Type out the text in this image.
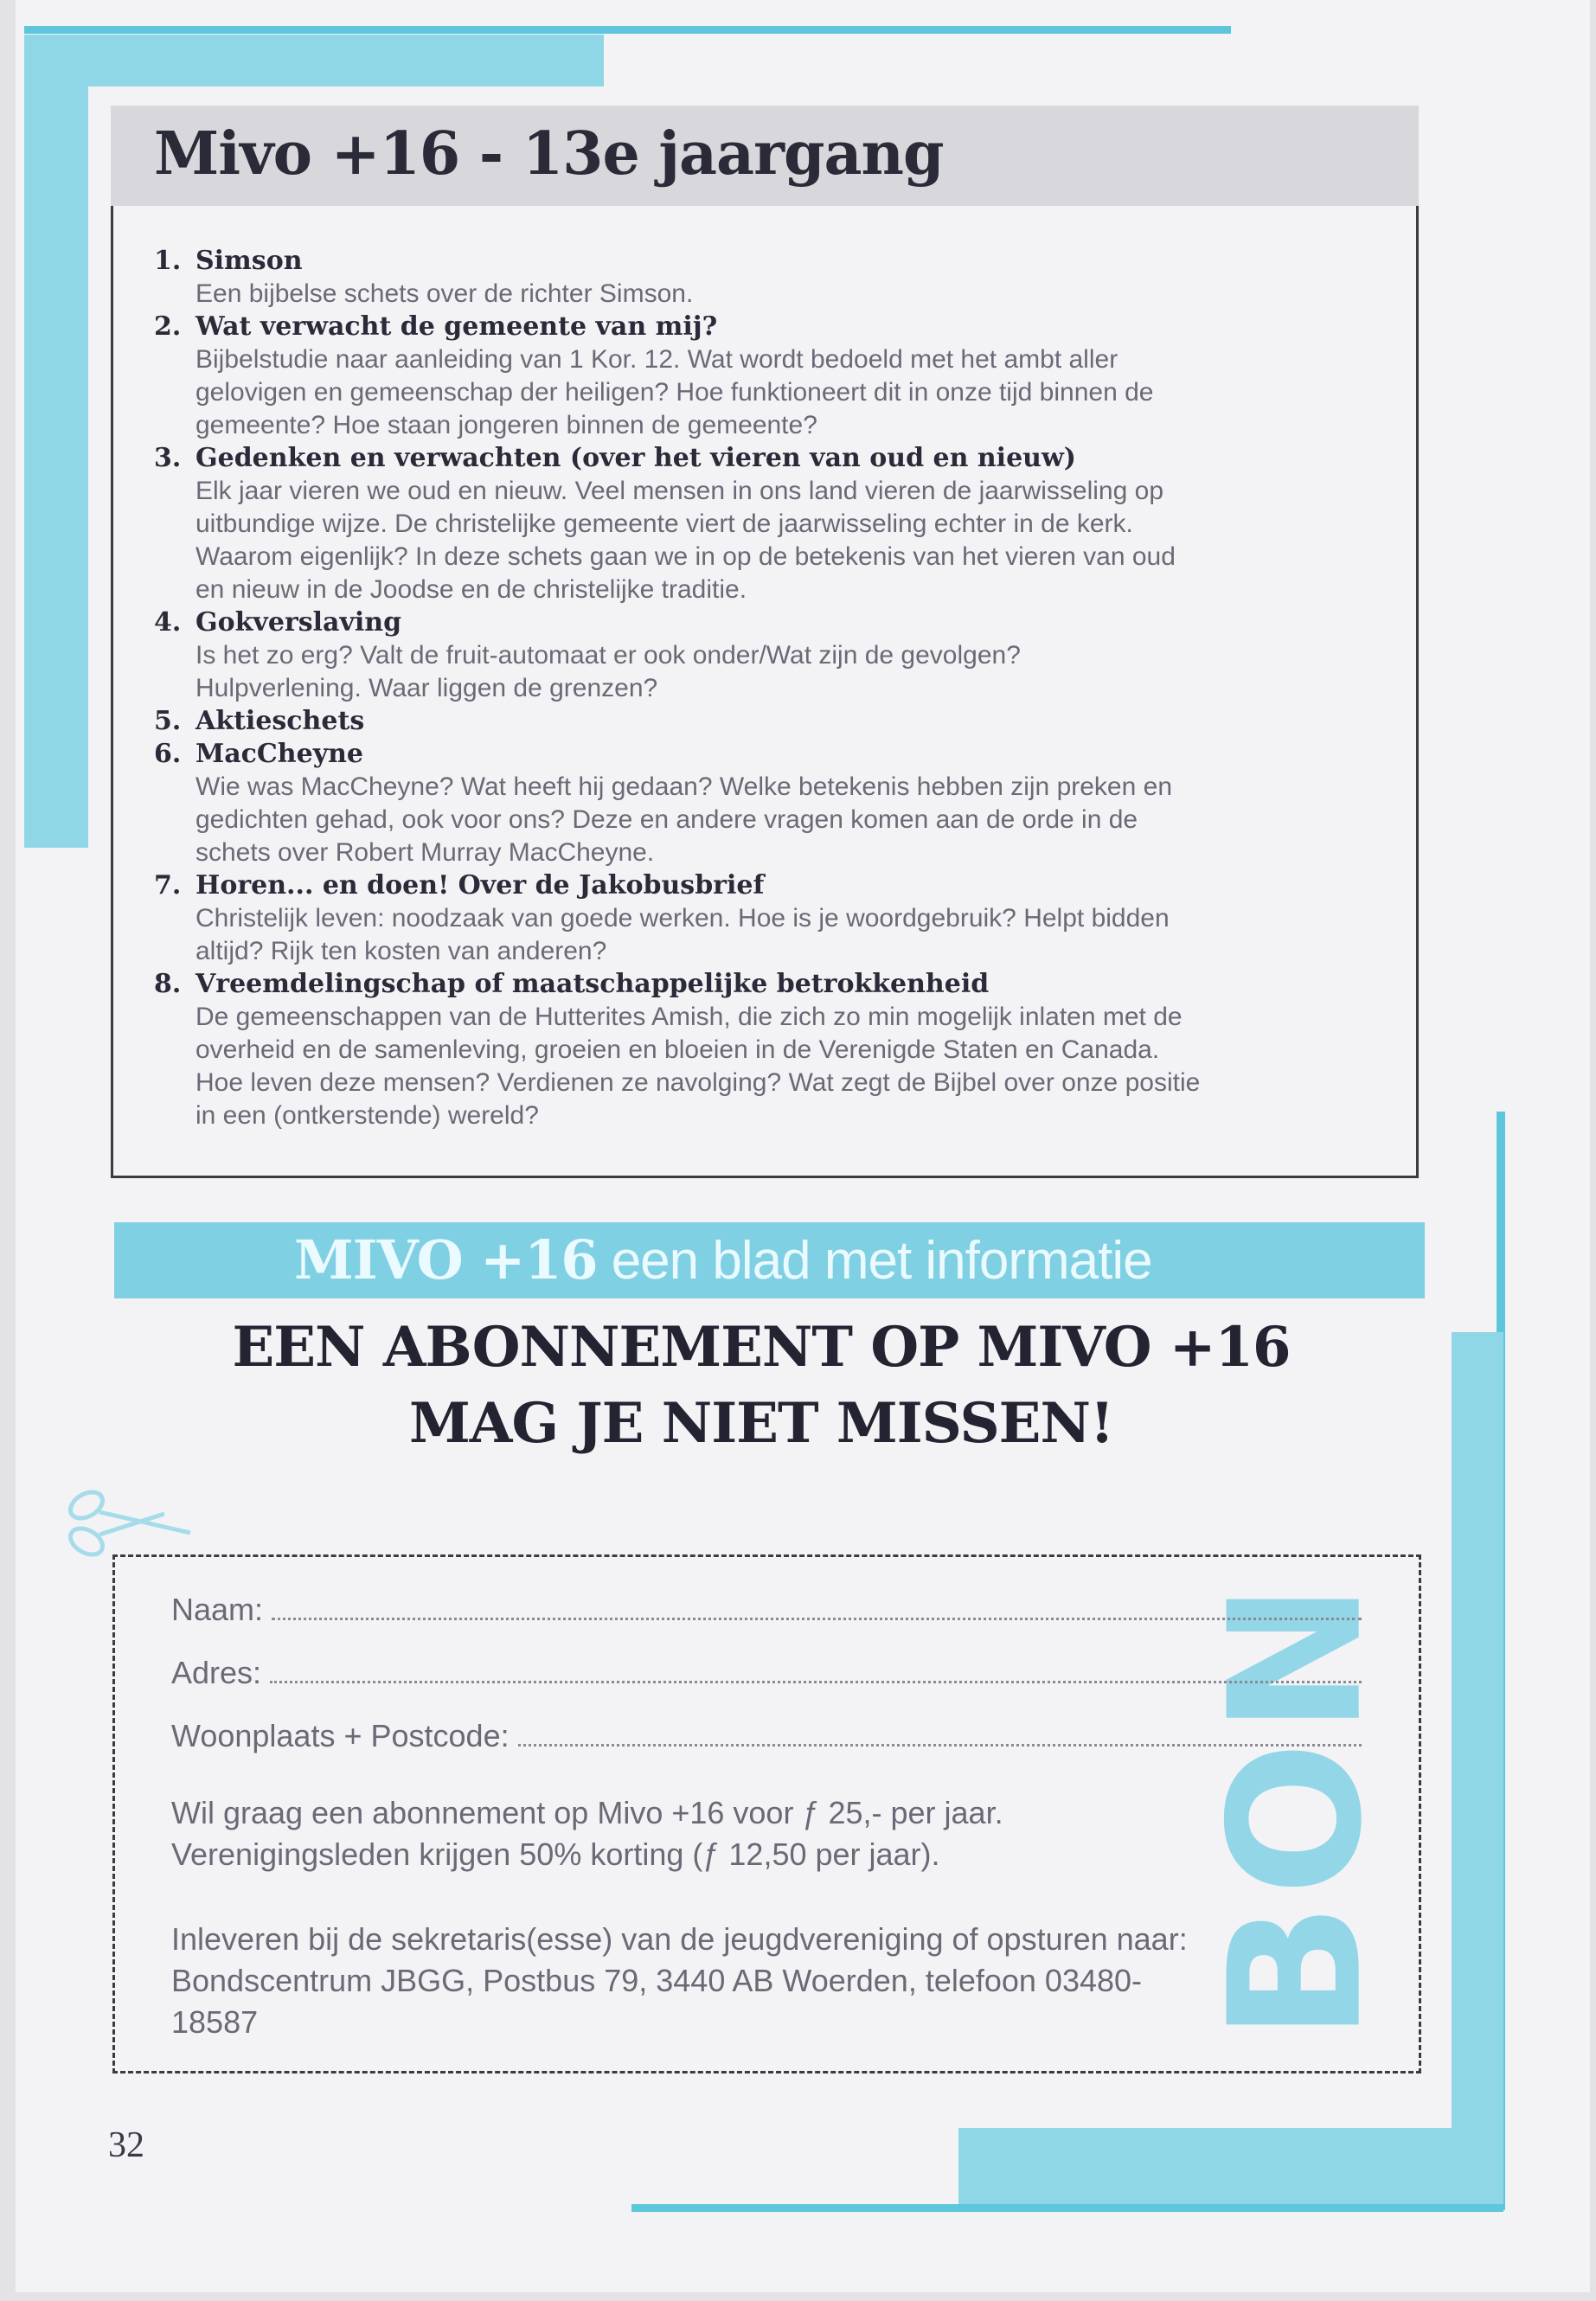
Mivo +16 - 13e jaargang
1. Simson
Een bijbelse schets over de richter Simson.
2. Wat verwacht de gemeente van mij?
Bijbelstudie naar aanleiding van 1 Kor. 12. Wat wordt bedoeld met het ambt aller
gelovigen en gemeenschap der heiligen? Hoe funktioneert dit in onze tijd binnen de
gemeente? Hoe staan jongeren binnen de gemeente?
3. Gedenken en verwachten (over het vieren van oud en nieuw)
Elk jaar vieren we oud en nieuw. Veel mensen in ons land vieren de jaarwisseling op
uitbundige wijze. De christelijke gemeente viert de jaarwisseling echter in de kerk.
Waarom eigenlijk? In deze schets gaan we in op de betekenis van het vieren van oud
en nieuw in de Joodse en de christelijke traditie.
4. Gokverslaving
Is het zo erg? Valt de fruit-automaat er ook onder/Wat zijn de gevolgen?
Hulpverlening. Waar liggen de grenzen?
5. Aktieschets
6. MacCheyne
Wie was MacCheyne? Wat heeft hij gedaan? Welke betekenis hebben zijn preken en
gedichten gehad, ook voor ons? Deze en andere vragen komen aan de orde in de
schets over Robert Murray MacCheyne.
7. Horen... en doen! Over de Jakobusbrief
Christelijk leven: noodzaak van goede werken. Hoe is je woordgebruik? Helpt bidden
altijd? Rijk ten kosten van anderen?
8. Vreemdelingschap of maatschappelijke betrokkenheid
De gemeenschappen van de Hutterites Amish, die zich zo min mogelijk inlaten met de
overheid en de samenleving, groeien en bloeien in de Verenigde Staten en Canada.
Hoe leven deze mensen? Verdienen ze navolging? Wat zegt de Bijbel over onze positie
in een (ontkerstende) wereld?
MIVO +16 een blad met informatie
EEN ABONNEMENT OP MIVO +16
MAG JE NIET MISSEN!
BON
Naam:
Adres:
Woonplaats + Postcode:
Wil graag een abonnement op Mivo +16 voor ƒ 25,- per jaar.
Verenigingsleden krijgen 50% korting (ƒ 12,50 per jaar).
Inleveren bij de sekretaris(esse) van de jeugdvereniging of opsturen naar:
Bondscentrum JBGG, Postbus 79, 3440 AB Woerden, telefoon 03480-
18587
32
